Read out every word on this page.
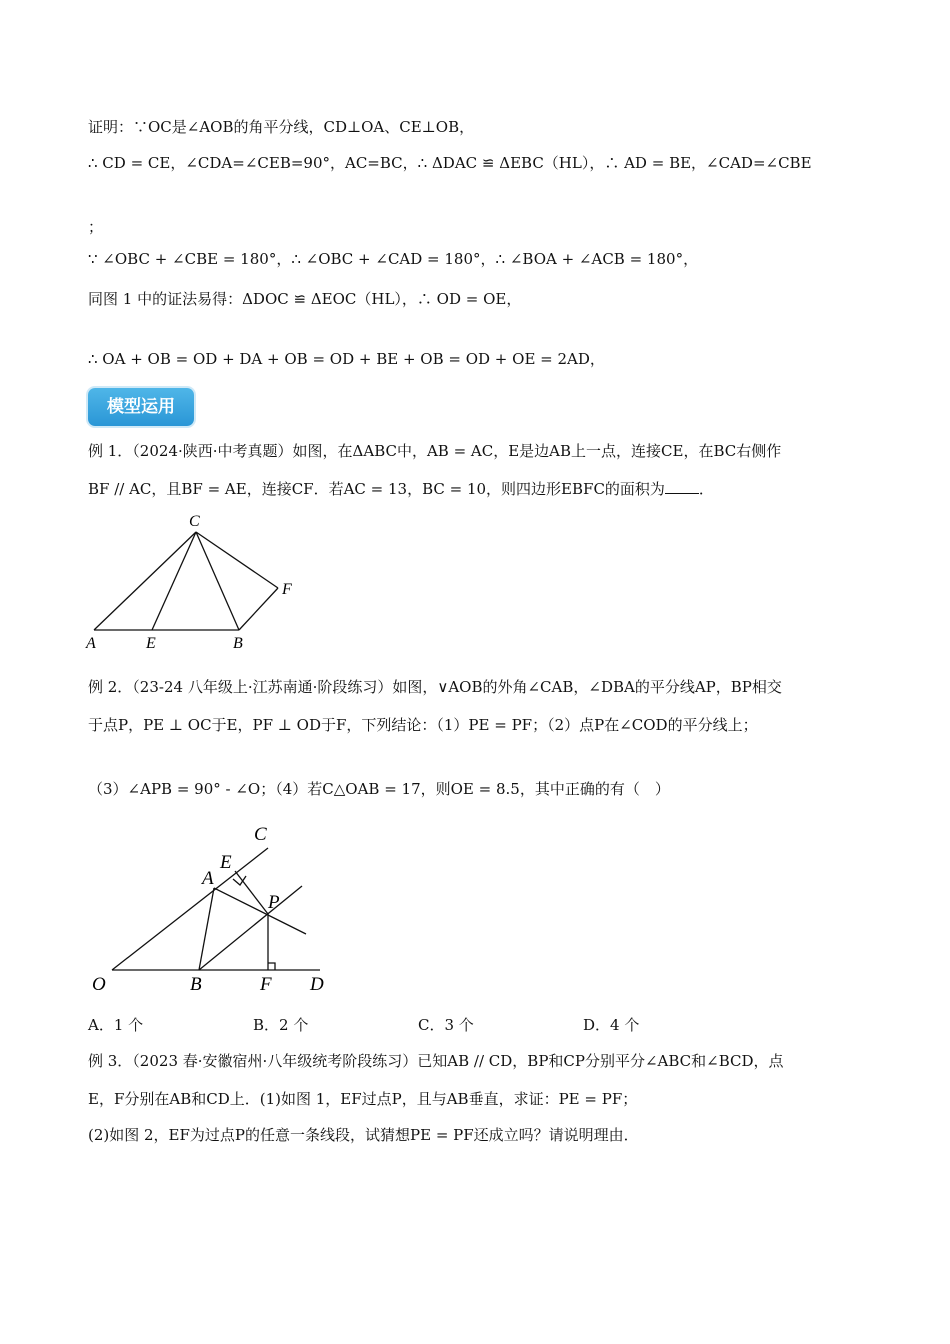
证明：∵OC是∠AOB的角平分线，CD⊥OA、CE⊥OB，
∴ CD = CE，∠CDA=∠CEB=90°，AC=BC，∴ ΔDAC ≌ ΔEBC（HL），∴ AD = BE，∠CAD=∠CBE
；
∵ ∠OBC + ∠CBE = 180°，∴ ∠OBC + ∠CAD = 180°，∴ ∠BOA + ∠ACB = 180°，
同图 1 中的证法易得：ΔDOC ≌ ΔEOC（HL），∴ OD = OE，
∴ OA + OB = OD + DA + OB = OD + BE + OB = OD + OE = 2AD，
模型运用
例 1．（2024·陕西·中考真题）如图，在ΔABC中，AB = AC，E是边AB上一点，连接CE，在BC右侧作
BF // AC，且BF = AE，连接CF．若AC = 13，BC = 10，则四边形EBFC的面积为 ．
C
F
A	E	B
例 2．（23-24 八年级上·江苏南通·阶段练习）如图，∨AOB的外角∠CAB，∠DBA的平分线AP，BP相交
于点P，PE ⊥ OC于E，PF ⊥ OD于F，下列结论：（1）PE = PF；（2）点P在∠COD的平分线上；
（3）∠APB = 90° - ∠O；（4）若C△OAB = 17，则OE = 8.5，其中正确的有（　）
C
E
A
P
O	B	F D
A．1 个	B．2 个	C．3 个	D．4 个
例 3．（2023 春·安徽宿州·八年级统考阶段练习）已知AB // CD，BP和CP分别平分∠ABC和∠BCD，点
E，F分别在AB和CD上．(1)如图 1，EF过点P，且与AB垂直，求证：PE = PF；
(2)如图 2，EF为过点P的任意一条线段，试猜想PE = PF还成立吗？请说明理由．
